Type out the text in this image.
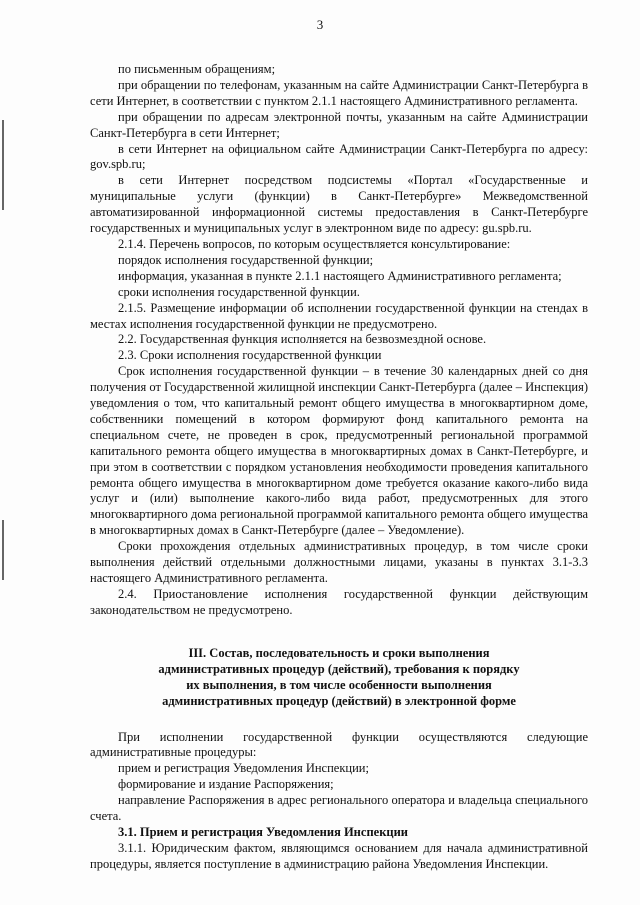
3

по письменным обращениям;

при обращении по телефонам, указанным на сайте Администрации Санкт-Петербурга в сети Интернет, в соответствии с пунктом 2.1.1 настоящего Административного регламента.

при обращении по адресам электронной почты, указанным на сайте Администрации Санкт-Петербурга в сети Интернет;

в сети Интернет на официальном сайте Администрации Санкт-Петербурга по адресу: gov.spb.ru;

в сети Интернет посредством подсистемы «Портал «Государственные и муниципальные услуги (функции) в Санкт-Петербурге» Межведомственной автоматизированной информационной системы предоставления в Санкт-Петербурге государственных и муниципальных услуг в электронном виде по адресу: gu.spb.ru.

2.1.4. Перечень вопросов, по которым осуществляется консультирование:

порядок исполнения государственной функции;

информация, указанная в пункте 2.1.1 настоящего Административного регламента;

сроки исполнения государственной функции.

2.1.5. Размещение информации об исполнении государственной функции на стендах в местах исполнения государственной функции не предусмотрено.

2.2. Государственная функция исполняется на безвозмездной основе.

2.3. Сроки исполнения государственной функции

Срок исполнения государственной функции – в течение 30 календарных дней со дня получения от Государственной жилищной инспекции Санкт-Петербурга (далее – Инспекция) уведомления о том, что капитальный ремонт общего имущества в многоквартирном доме, собственники помещений в котором формируют фонд капитального ремонта на специальном счете, не проведен в срок, предусмотренный региональной программой капитального ремонта общего имущества в многоквартирных домах в Санкт-Петербурге, и при этом в соответствии с порядком установления необходимости проведения капитального ремонта общего имущества в многоквартирном доме требуется оказание какого-либо вида услуг и (или) выполнение какого-либо вида работ, предусмотренных для этого многоквартирного дома региональной программой капитального ремонта общего имущества в многоквартирных домах в Санкт-Петербурге (далее – Уведомление).

Сроки прохождения отдельных административных процедур, в том числе сроки выполнения действий отдельными должностными лицами, указаны в пунктах 3.1-3.3 настоящего Административного регламента.

2.4. Приостановление исполнения государственной функции действующим законодательством не предусмотрено.

III. Состав, последовательность и сроки выполнения
административных процедур (действий), требования к порядку
их выполнения, в том числе особенности выполнения
административных процедур (действий) в электронной форме

При исполнении государственной функции осуществляются следующие административные процедуры:

прием и регистрация Уведомления Инспекции;

формирование и издание Распоряжения;

направление Распоряжения в адрес регионального оператора и владельца специального счета.

3.1. Прием и регистрация Уведомления Инспекции

3.1.1. Юридическим фактом, являющимся основанием для начала административной процедуры, является поступление в администрацию района Уведомления Инспекции.
